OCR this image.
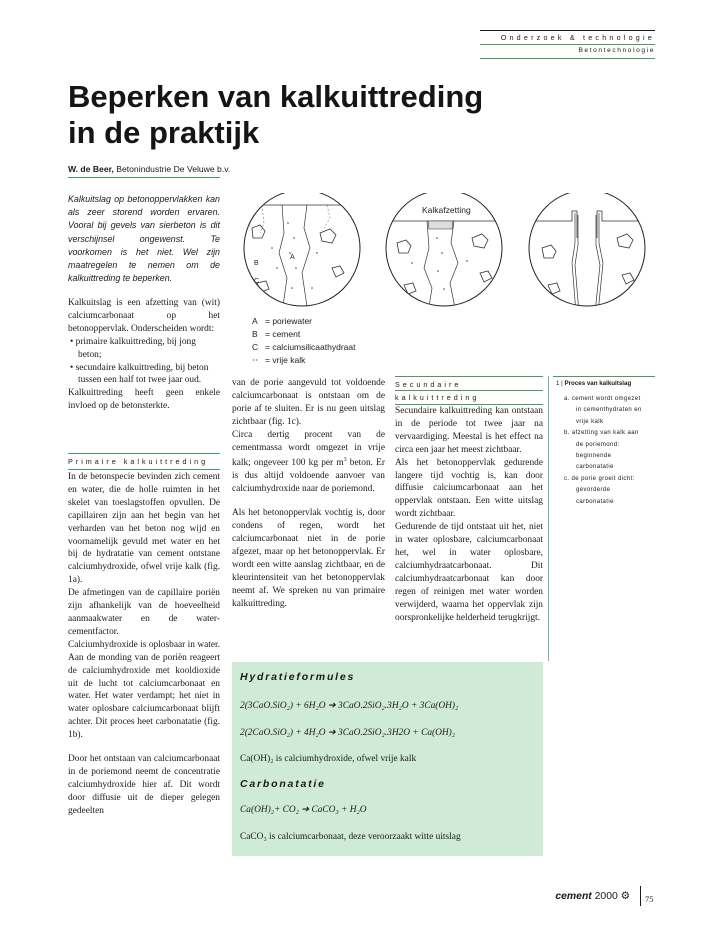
Onderzoek & technologie
Betontechnologie
Beperken van kalkuittreding
in de praktijk
W. de Beer, Betonindustrie De Veluwe b.v.
Kalkuitslag op betonoppervlakken kan als zeer storend worden ervaren. Vooral bij gevels van sierbeton is dit verschijnsel ongewenst. Te voorkomen is het niet. Wel zijn maatregelen te nemen om de kalkuittreding te beperken.
Kalkuitslag is een afzetting van (wit) calciumcarbonaat op het betonoppervlak. Onderscheiden wordt:
• primaire kalkuittreding, bij jong beton;
• secundaire kalkuittreding, bij beton tussen een half tot twee jaar oud.
Kalkuittreding heeft geen enkele invloed op de betonsterkte.
Primaire kalkuittreding

In de betonspecie bevinden zich cement en water, die de holle ruimten in het skelet van toeslagstoffen opvullen. De capillairen zijn aan het begin van het verharden van het beton nog wijd en voornamelijk gevuld met water en het bij de hydratatie van cement ontstane calciumhydroxide, ofwel vrije kalk (fig. 1a).

De afmetingen van de capillaire poriën zijn afhankelijk van de hoeveelheid aanmaakwater en de water-cementfactor.

Calciumhydroxide is oplosbaar in water. Aan de monding van de poriën reageert de calciumhydroxide met kooldioxide uit de lucht tot calciumcarbonaat en water. Het water verdampt; het niet in water oplosbare calciumcarbonaat blijft achter. Dit proces heet carbonatatie (fig. 1b).

Door het ontstaan van calciumcarbonaat in de poriemond neemt de concentratie calciumhydroxide hier af. Dit wordt door diffusie uit de dieper gelegen gedeelten

van de porie aangevuld tot voldoende calciumcarbonaat is ontstaan om de porie af te sluiten. Er is nu geen uitslag zichtbaar (fig. 1c).

Circa dertig procent van de cementmassa wordt omgezet in vrije kalk; ongeveer 100 kg per $m^3$ beton. Er is dus altijd voldoende aanvoer van calciumhydroxide naar de poriemond.

Als het betonoppervlak vochtig is, door condens of regen, wordt het calciumcarbonaat niet in de porie afgezet, maar op het betonoppervlak. Er wordt een witte aanslag zichtbaar, en de kleurintensiteit van het betonoppervlak neemt af. We spreken nu van primaire kalkuittreding.

Secundaire
kalkuittreding

Secundaire kalkuittreding kan ontstaan in de periode tot twee jaar na vervaardiging. Meestal is het effect na circa een jaar het meest zichtbaar.

Als het betonoppervlak gedurende langere tijd vochtig is, kan door diffusie calciumcarbonaat aan het oppervlak ontstaan. Een witte uitslag wordt zichtbaar.

Gedurende de tijd ontstaat uit het, niet in water oplosbare, calciumcarbonaat het, wel in water oplosbare, calciumhydraatcarbonaat. Dit calciumhydraatcarbonaat kan door regen of reinigen met water worden verwijderd, waarna het oppervlak zijn oorspronkelijke helderheid terugkrijgt.

1 | Proces van kalkuitslag
a. cement wordt omgezet
in cementhydraten en
vrije kalk
b. afzetting van kalk aan
de poriemond:
beginnende
carbonatatie
c. de porie groeit dicht:
gevorderde
carbonatatie
A
B
C
Kalkafzetting
A = poriewater
B = cement
C = calciumsilicaathydraat
⁺⁺ = vrije kalk
Hydratieformules
2(3CaO.SiO₂) + 6H₂O ➔ 3CaO.2SiO₂.3H₂O + 3Ca(OH)₂
2(2CaO.SiO₂) + 4H₂O ➔ 3CaO.2SiO₂.3H2O + Ca(OH)₂
Ca(OH)₂ is calciumhydroxide, ofwel vrije kalk
Carbonatatie
Ca(OH)₂+ CO₂ ➔ CaCO₃ + H₂O
CaCO₃ is calciumcarbonaat, deze veroorzaakt witte uitslag
cement 2000 ⚙ 75
